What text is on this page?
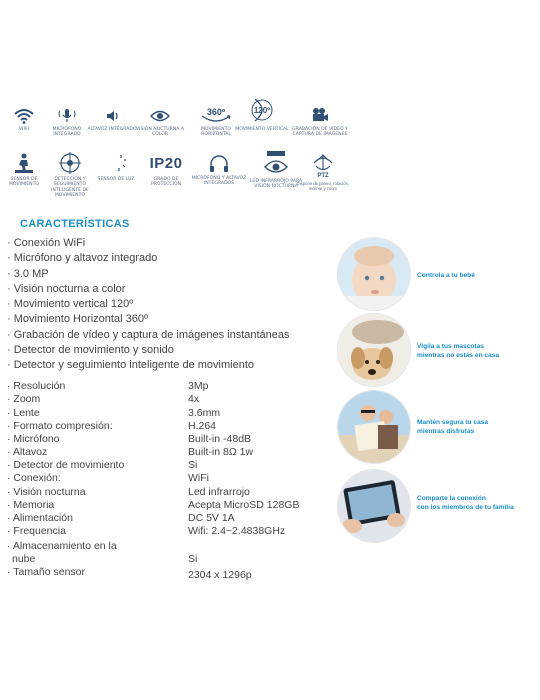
WIFI	MICRÓFONO INTEGRADO
ALTAVOZ INTEGRADO VISIÓN NOCTURNA A COLOR
360º
MOVIMIENTO HORIZONTAL
120º
MOVIMIENTO VERTICAL GRABACIÓN DE VÍDEO Y CAPTURA DE IMÁGENES
SENSOR DE MOVIMIENTO
DETECCIÓN Y SEGUIMIENTO INTELIGENTE DE MOVIMIENTO
SENSOR DE LUZ
IP20
GRADO DE PROTECCIÓN
MICRÓFONO Y ALTAVOZ INTEGRADOS	LED INFRARROJO PARA VISIÓN NOCTURNA
PTZ
Dispone de paneo, rotación, inclinar y zoom
CARACTERÍSTICAS
· Conexión WiFi
· Micrófono y altavoz integrado
· 3.0 MP
· Visión nocturna a color
· Movimiento vertical 120º
· Movimiento Horizontal 360º
· Grabación de vídeo y captura de imágenes instantáneas
· Detector de movimiento y sonido
· Detector y seguimiento inteligente de movimiento
· Resolución	3Mp
· Zoom	4x
· Lente	3.6mm
· Formato compresión:	H.264
· Micrófono	Built-in -48dB
· Altavoz	Built-in 8Ω 1w
· Detector de movimiento	Si
· Conexión:	WiFi
· Visión nocturna	Led infrarrojo
· Memoria	Acepta MicroSD 128GB
· Alimentación	DC 5V 1A
· Frequencia	Wifi: 2.4~2.4838GHz
· Almacenamiento en la
nube	Si
· Tamaño sensor	2304 x 1296p
Controla a tu bebé
Vigila a tus mascotas
mientras no estás en casa
Mantén segura tu casa
mientras disfrutas
Comparte la conexión
con los miembros de tu familia
